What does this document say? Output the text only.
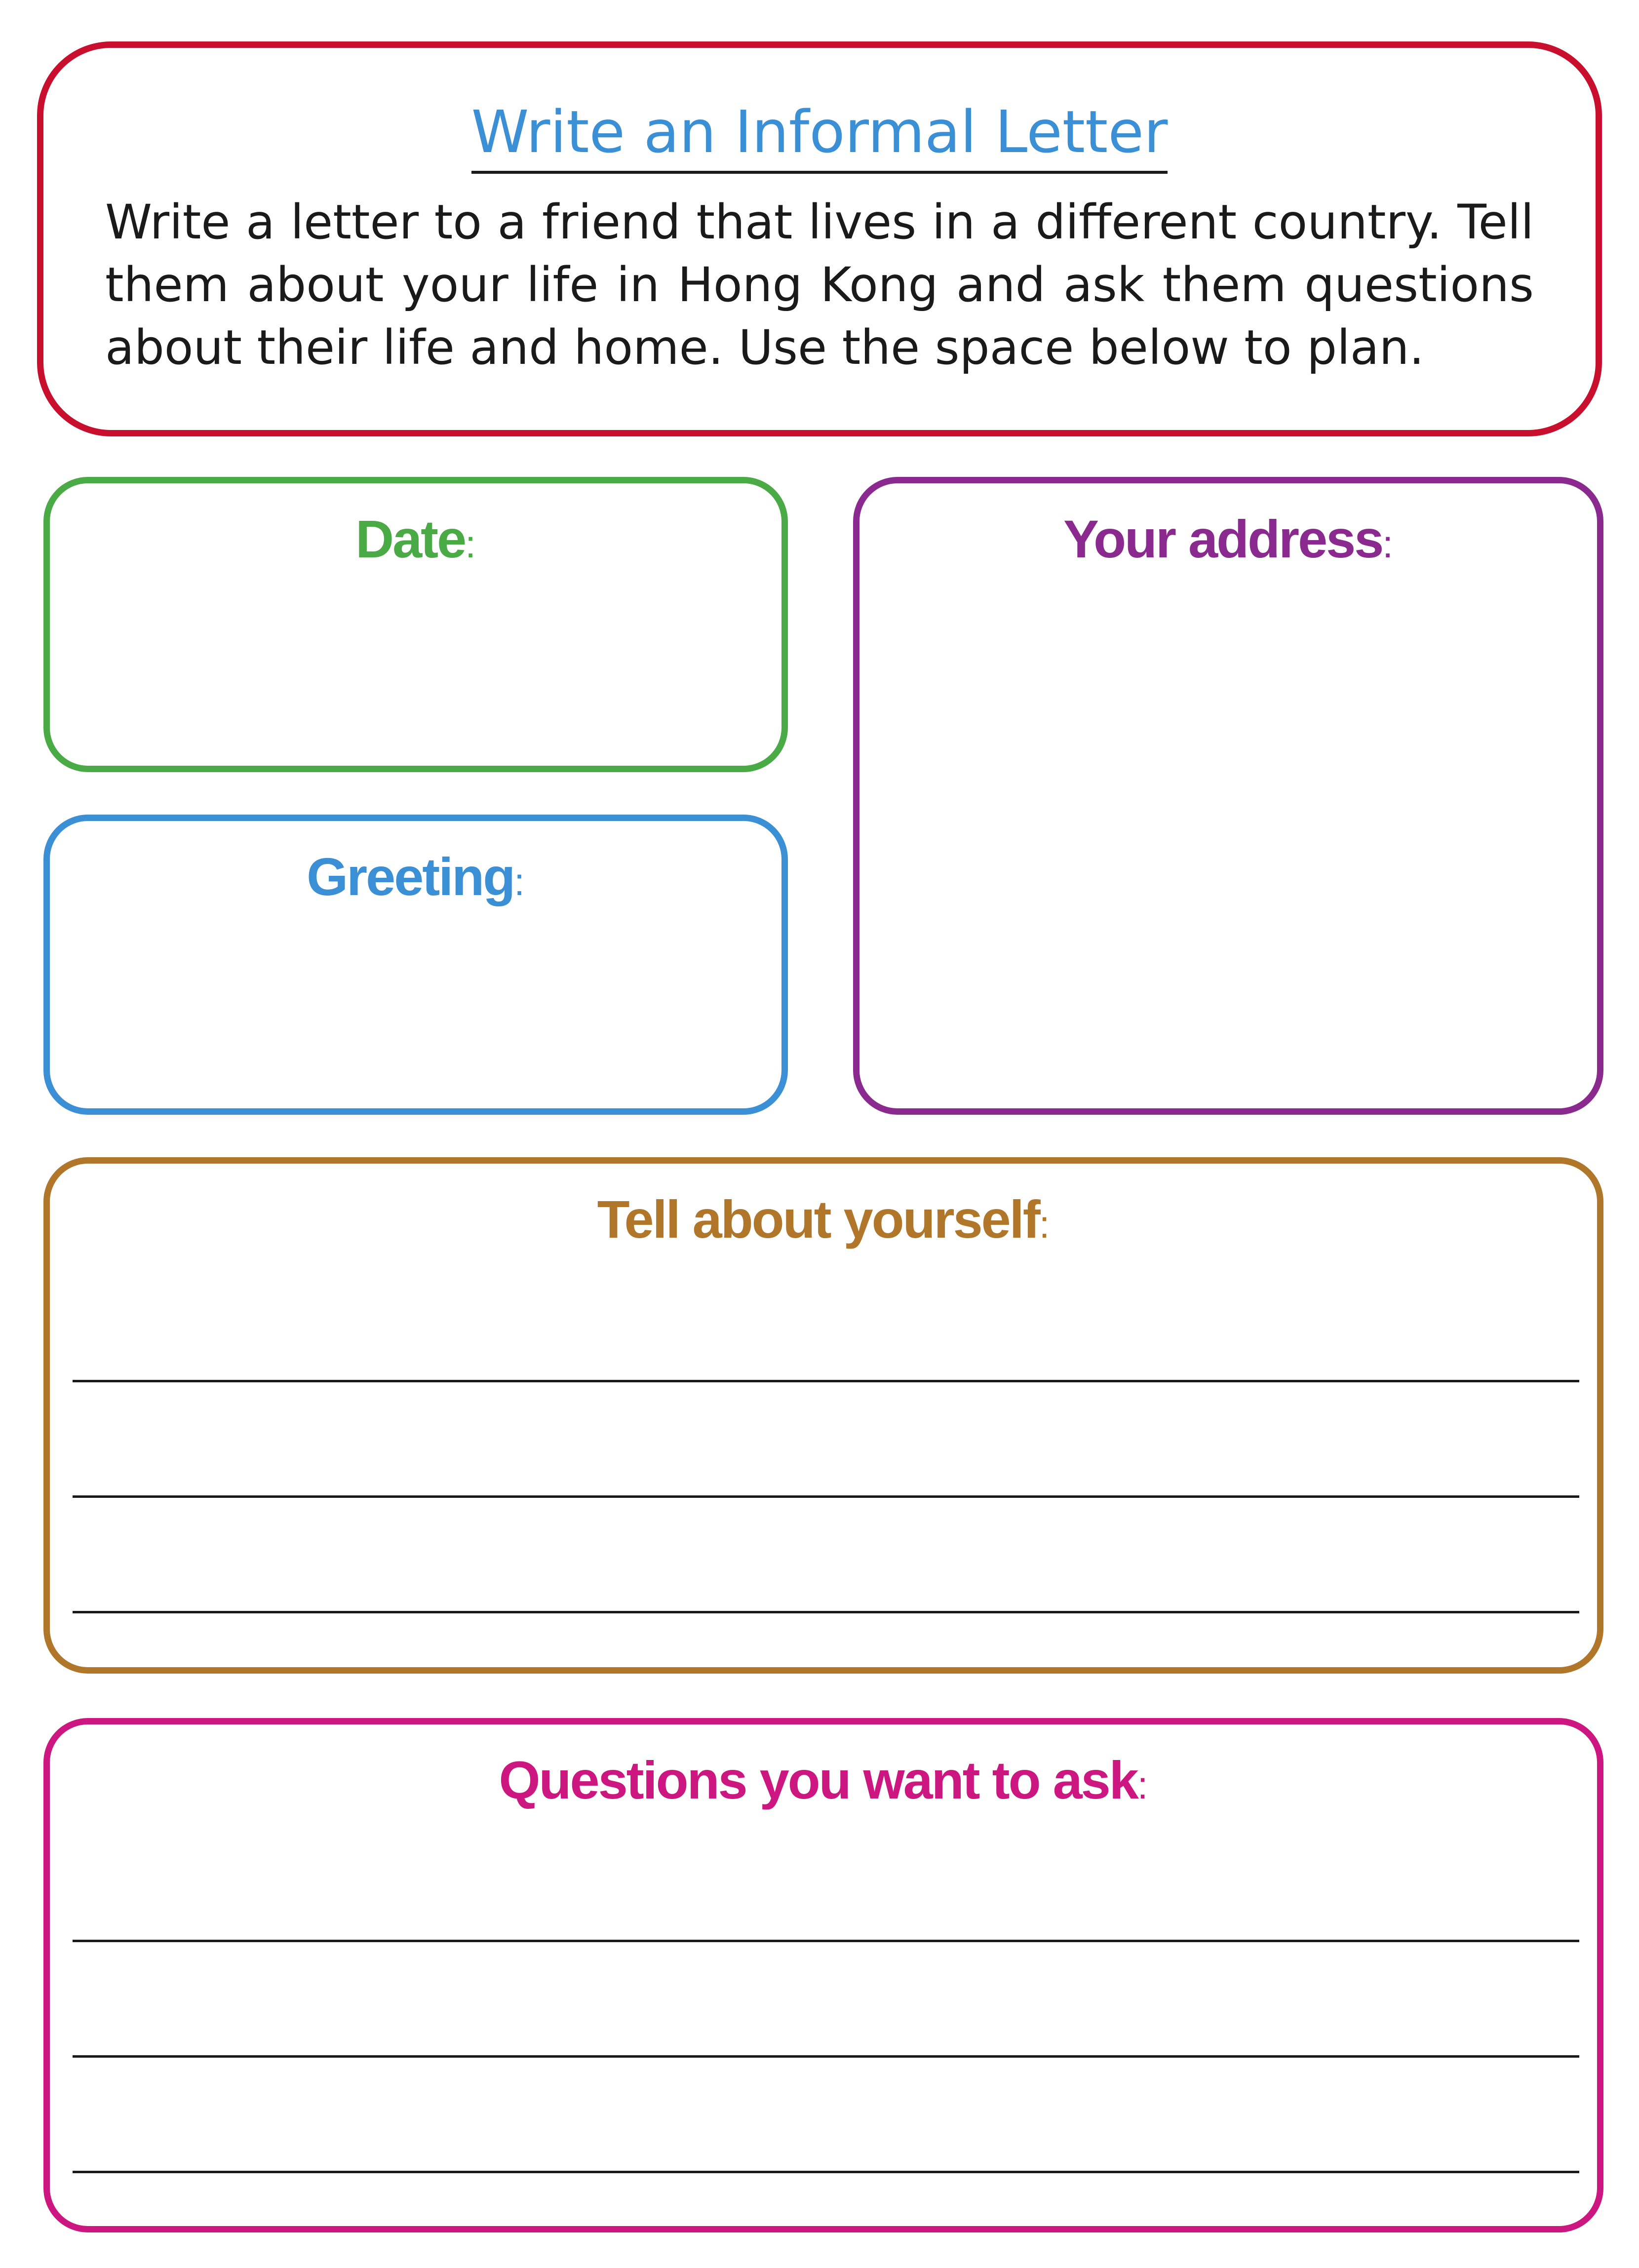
Write an Informal Letter

Write a letter to a friend that lives in a different country. Tell them about your life in Hong Kong and ask them questions about their life and home. Use the space below to plan.

Date:

Greeting:

Your address:

Tell about yourself:

Questions you want to ask:
